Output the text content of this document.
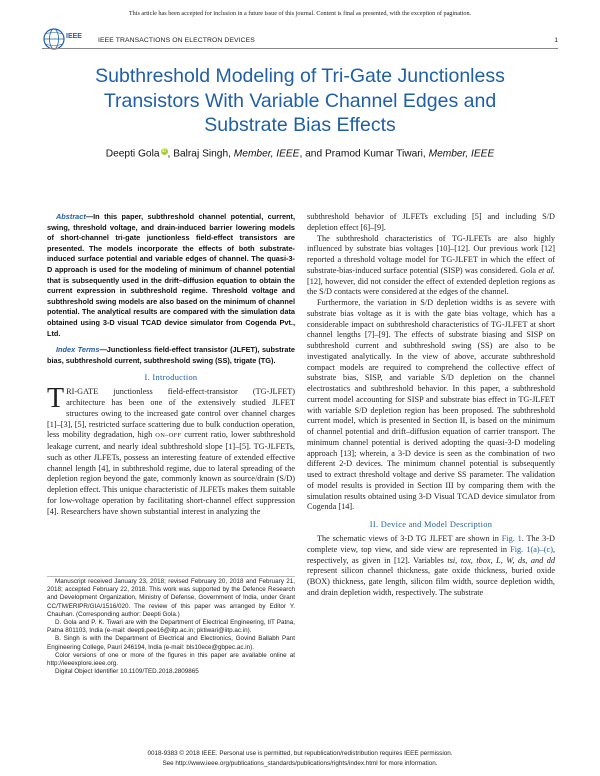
This article has been accepted for inclusion in a future issue of this journal. Content is final as presented, with the exception of pagination.
IEEE
IEEE TRANSACTIONS ON ELECTRON DEVICES	1
Subthreshold Modeling of Tri-Gate Junctionless Transistors With Variable Channel Edges and Substrate Bias Effects
Deepti Gola iD, Balraj Singh, Member, IEEE, and Pramod Kumar Tiwari, Member, IEEE

Abstract—In this paper, subthreshold channel potential, current, swing, threshold voltage, and drain-induced barrier lowering models of short-channel tri-gate junctionless field-effect transistors are presented. The models incorporate the effects of both substrate-induced surface potential and variable edges of channel. The quasi-3-D approach is used for the modeling of minimum of channel potential that is subsequently used in the drift–diffusion equation to obtain the current expression in subthreshold regime. Threshold voltage and subthreshold swing models are also based on the minimum of channel potential. The analytical results are compared with the simulation data obtained using 3-D visual TCAD device simulator from Cogenda Pvt., Ltd.

Index Terms—Junctionless field-effect transistor (JLFET), substrate bias, subthreshold current, subthreshold swing (SS), trigate (TG).

I. Introduction

TRI-GATE junctionless field-effect-transistor (TG-JLFET) architecture has been one of the extensively studied JLFET structures owing to the increased gate control over channel charges [1]–[3], [5], restricted surface scattering due to bulk conduction operation, less mobility degradation, high ON–OFF current ratio, lower subthreshold leakage current, and nearly ideal subthreshold slope [1]–[5]. TG-JLFETs, such as other JLFETs, possess an interesting feature of extended effective channel length [4], in subthreshold regime, due to lateral spreading of the depletion region beyond the gate, commonly known as source/drain (S/D) depletion effect. This unique characteristic of JLFETs makes them suitable for low-voltage operation by facilitating short-channel effect suppression [4]. Researchers have shown substantial interest in analyzing the

Manuscript received January 23, 2018; revised February 20, 2018 and February 21, 2018; accepted February 22, 2018. This work was supported by the Defence Research and Development Organization, Ministry of Defense, Government of India, under Grant CC/TM/ERIPR/GIA/1516/020. The review of this paper was arranged by Editor Y. Chauhan. (Corresponding author: Deepti Gola.)

D. Gola and P. K. Tiwari are with the Department of Electrical Engineering, IIT Patna, Patna 801103, India (e-mail: deepti.pee16@iitp.ac.in; pktiwari@iitp.ac.in).

B. Singh is with the Department of Electrical and Electronics, Govind Ballabh Pant Engineering College, Pauri 246194, India (e-mail: bls10ece@gbpec.ac.in).

Color versions of one or more of the figures in this paper are available online at http://ieeexplore.ieee.org.

Digital Object Identifier 10.1109/TED.2018.2809865

subthreshold behavior of JLFETs excluding [5] and including S/D depletion effect [6]–[9].

The subthreshold characteristics of TG-JLFETs are also highly influenced by substrate bias voltages [10]–[12]. Our previous work [12] reported a threshold voltage model for TG-JLFET in which the effect of substrate-bias-induced surface potential (SISP) was considered. Gola et al. [12], however, did not consider the effect of extended depletion regions as the S/D contacts were considered at the edges of the channel.

Furthermore, the variation in S/D depletion widths is as severe with substrate bias voltage as it is with the gate bias voltage, which has a considerable impact on subthreshold characteristics of TG-JLFET at short channel lengths [7]–[9]. The effects of substrate biasing and SISP on subthreshold current and subthreshold swing (SS) are also to be investigated analytically. In the view of above, accurate subthreshold compact models are required to comprehend the collective effect of substrate bias, SISP, and variable S/D depletion on the channel electrostatics and subthreshold behavior. In this paper, a subthreshold current model accounting for SISP and substrate bias effect in TG-JLFET with variable S/D depletion region has been proposed. The subthreshold current model, which is presented in Section II, is based on the minimum of channel potential and drift–diffusion equation of carrier transport. The minimum channel potential is derived adopting the quasi-3-D modeling approach [13]; wherein, a 3-D device is seen as the combination of two different 2-D devices. The minimum channel potential is subsequently used to extract threshold voltage and derive SS parameter. The validation of model results is provided in Section III by comparing them with the simulation results obtained using 3-D Visual TCAD device simulator from Cogenda [14].

II. Device and Model Description

The schematic views of 3-D TG JLFET are shown in Fig. 1. The 3-D complete view, top view, and side view are represented in Fig. 1(a)–(c), respectively, as given in [12]. Variables tsi, tox, tbox, L, W, ds, and dd represent silicon channel thickness, gate oxide thickness, buried oxide (BOX) thickness, gate length, silicon film width, source depletion width, and drain depletion width, respectively. The substrate

0018-9383 © 2018 IEEE. Personal use is permitted, but republication/redistribution requires IEEE permission.
See http://www.ieee.org/publications_standards/publications/rights/index.html for more information.
